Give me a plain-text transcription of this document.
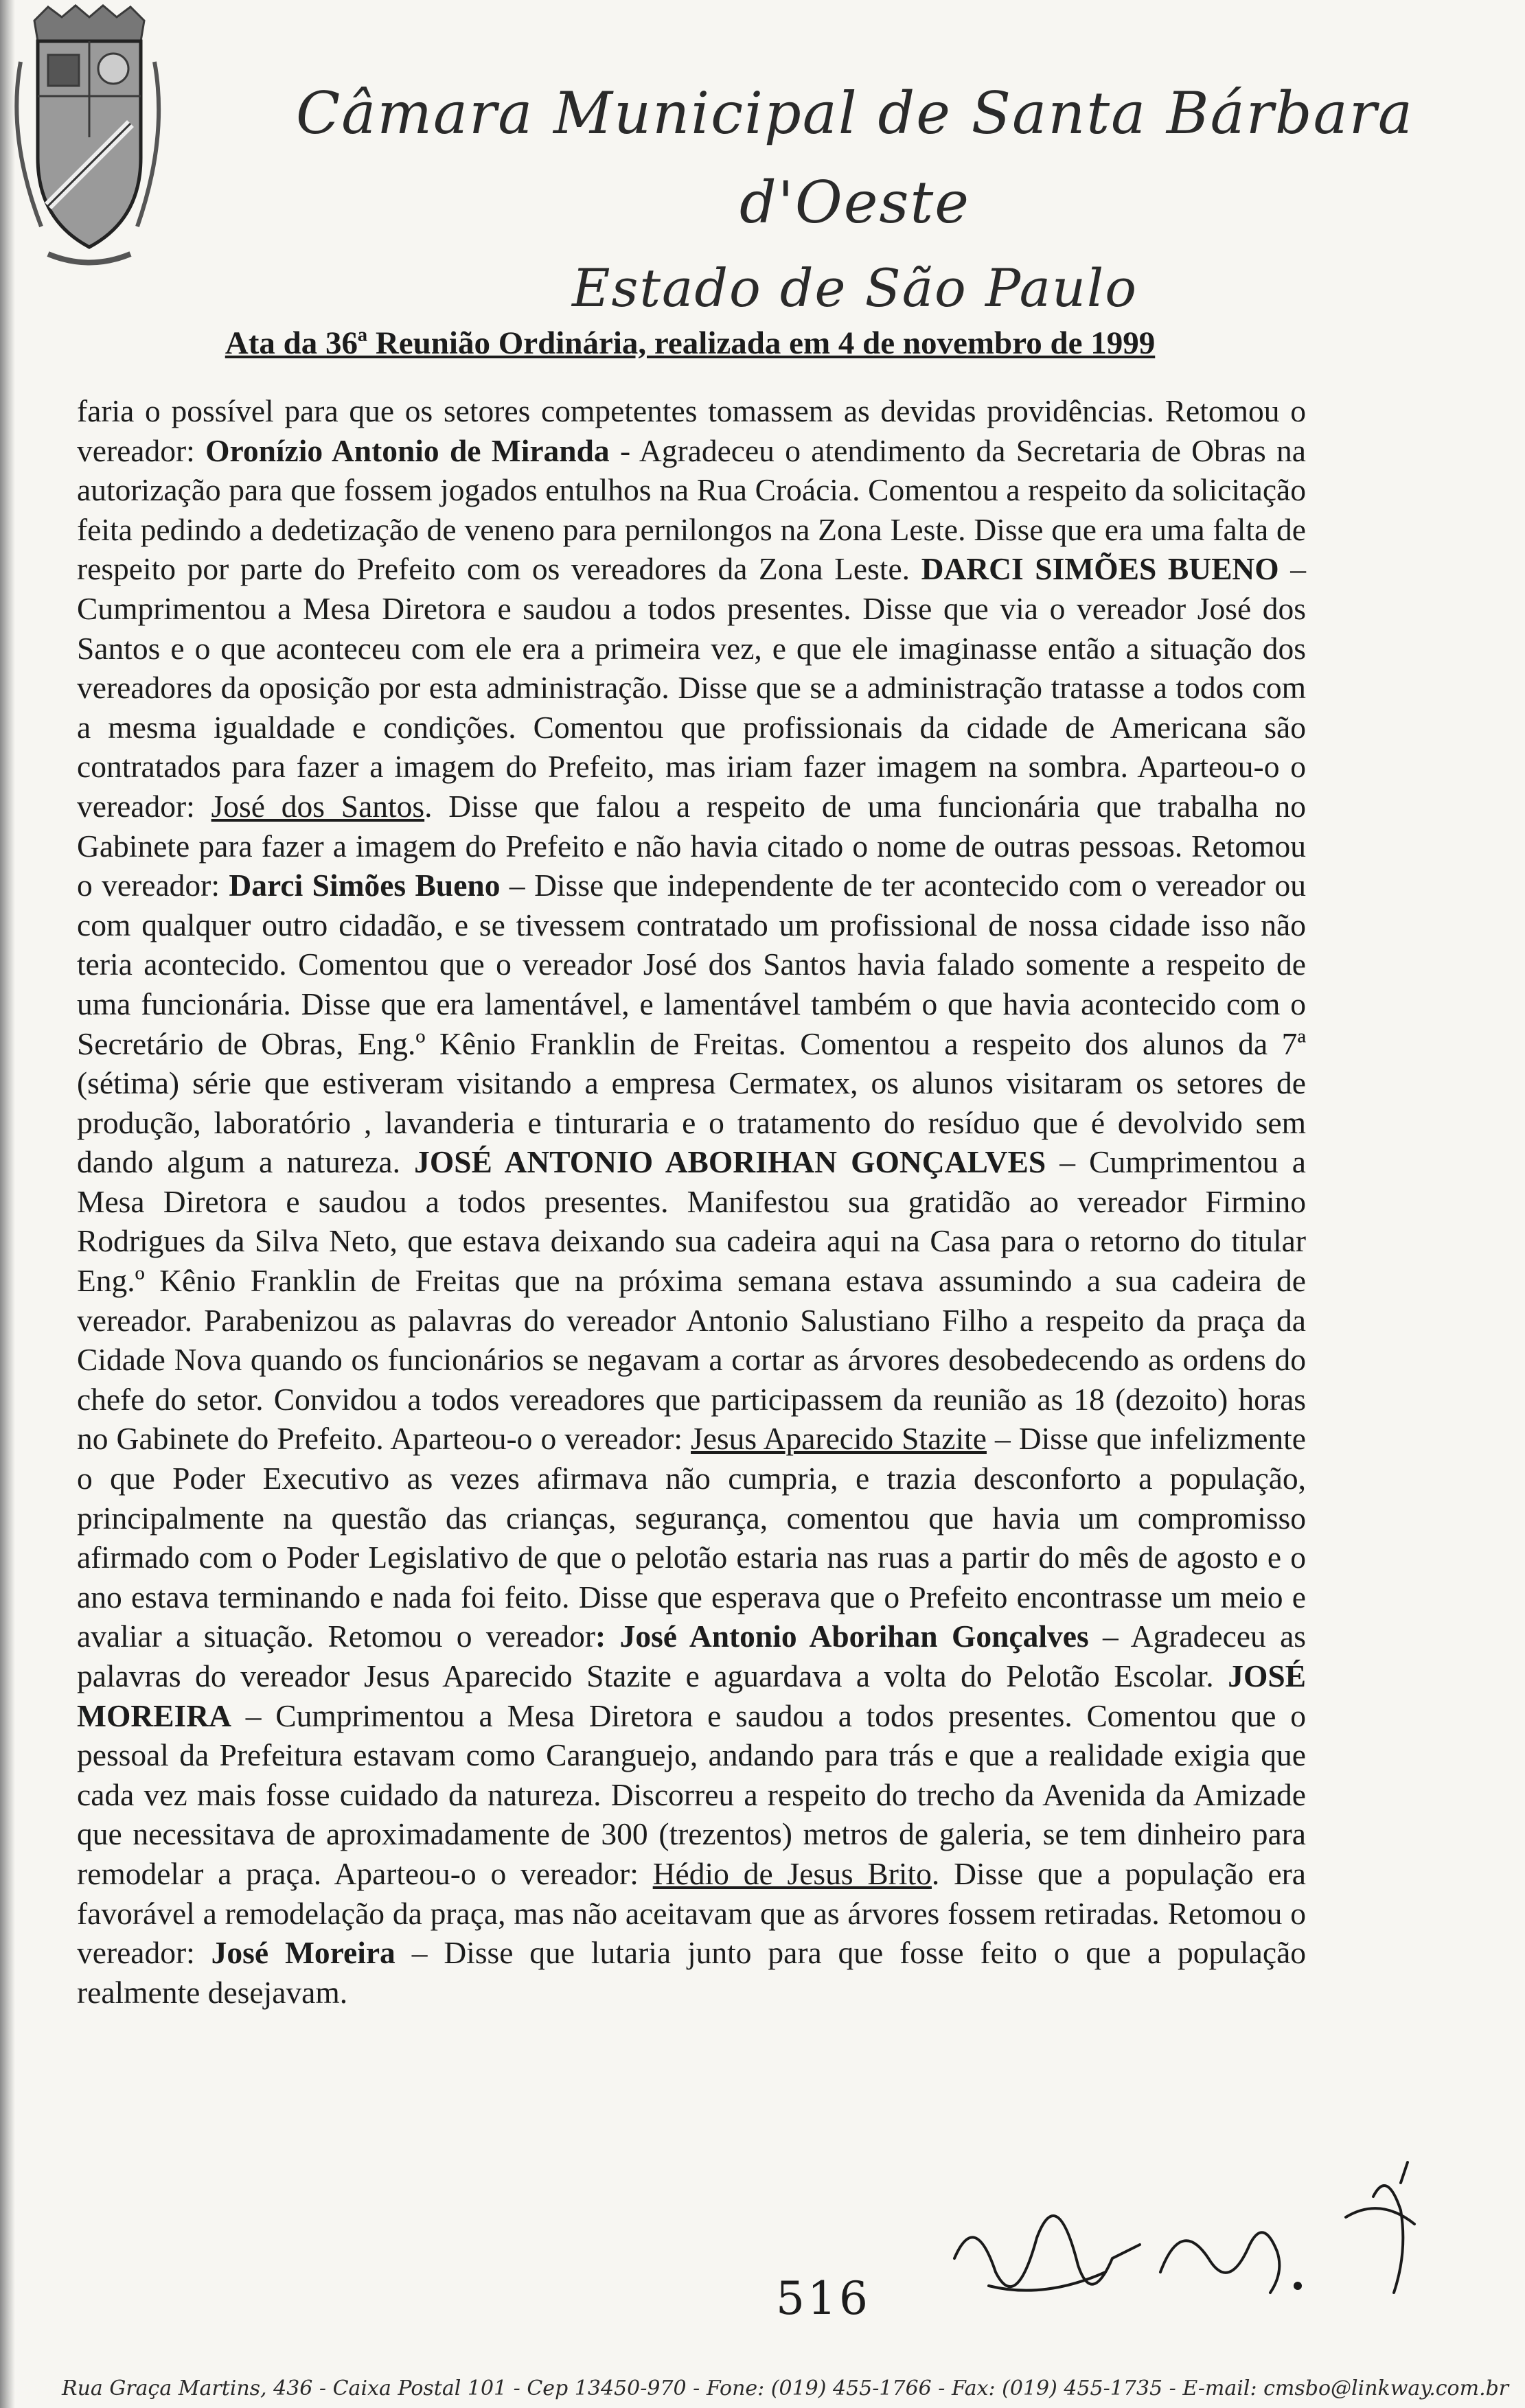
Câmara Municipal de Santa Bárbara d'Oeste
Estado de São Paulo
Ata da 36ª Reunião Ordinária, realizada em 4 de novembro de 1999

faria o possível para que os setores competentes tomassem as devidas providências. Retomou o vereador: Oronízio Antonio de Miranda - Agradeceu o atendimento da Secretaria de Obras na autorização para que fossem jogados entulhos na Rua Croácia. Comentou a respeito da solicitação feita pedindo a dedetização de veneno para pernilongos na Zona Leste. Disse que era uma falta de respeito por parte do Prefeito com os vereadores da Zona Leste. DARCI SIMÕES BUENO – Cumprimentou a Mesa Diretora e saudou a todos presentes. Disse que via o vereador José dos Santos e o que aconteceu com ele era a primeira vez, e que ele imaginasse então a situação dos vereadores da oposição por esta administração. Disse que se a administração tratasse a todos com a mesma igualdade e condições. Comentou que profissionais da cidade de Americana são contratados para fazer a imagem do Prefeito, mas iriam fazer imagem na sombra. Aparteou-o o vereador: José dos Santos. Disse que falou a respeito de uma funcionária que trabalha no Gabinete para fazer a imagem do Prefeito e não havia citado o nome de outras pessoas. Retomou o vereador: Darci Simões Bueno – Disse que independente de ter acontecido com o vereador ou com qualquer outro cidadão, e se tivessem contratado um profissional de nossa cidade isso não teria acontecido. Comentou que o vereador José dos Santos havia falado somente a respeito de uma funcionária. Disse que era lamentável, e lamentável também o que havia acontecido com o Secretário de Obras, Eng.º Kênio Franklin de Freitas. Comentou a respeito dos alunos da 7ª (sétima) série que estiveram visitando a empresa Cermatex, os alunos visitaram os setores de produção, laboratório , lavanderia e tinturaria e o tratamento do resíduo que é devolvido sem dando algum a natureza. JOSÉ ANTONIO ABORIHAN GONÇALVES – Cumprimentou a Mesa Diretora e saudou a todos presentes. Manifestou sua gratidão ao vereador Firmino Rodrigues da Silva Neto, que estava deixando sua cadeira aqui na Casa para o retorno do titular Eng.º Kênio Franklin de Freitas que na próxima semana estava assumindo a sua cadeira de vereador. Parabenizou as palavras do vereador Antonio Salustiano Filho a respeito da praça da Cidade Nova quando os funcionários se negavam a cortar as árvores desobedecendo as ordens do chefe do setor. Convidou a todos vereadores que participassem da reunião as 18 (dezoito) horas no Gabinete do Prefeito. Aparteou-o o vereador: Jesus Aparecido Stazite – Disse que infelizmente o que Poder Executivo as vezes afirmava não cumpria, e trazia desconforto a população, principalmente na questão das crianças, segurança, comentou que havia um compromisso afirmado com o Poder Legislativo de que o pelotão estaria nas ruas a partir do mês de agosto e o ano estava terminando e nada foi feito. Disse que esperava que o Prefeito encontrasse um meio e avaliar a situação. Retomou o vereador: José Antonio Aborihan Gonçalves – Agradeceu as palavras do vereador Jesus Aparecido Stazite e aguardava a volta do Pelotão Escolar. JOSÉ MOREIRA – Cumprimentou a Mesa Diretora e saudou a todos presentes. Comentou que o pessoal da Prefeitura estavam como Caranguejo, andando para trás e que a realidade exigia que cada vez mais fosse cuidado da natureza. Discorreu a respeito do trecho da Avenida da Amizade que necessitava de aproximadamente de 300 (trezentos) metros de galeria, se tem dinheiro para remodelar a praça. Aparteou-o o vereador: Hédio de Jesus Brito. Disse que a população era favorável a remodelação da praça, mas não aceitavam que as árvores fossem retiradas. Retomou o vereador: José Moreira – Disse que lutaria junto para que fosse feito o que a população realmente desejavam.

516
Rua Graça Martins, 436 - Caixa Postal 101 - Cep 13450-970 - Fone: (019) 455-1766 - Fax: (019) 455-1735 - E-mail: cmsbo@linkway.com.br
